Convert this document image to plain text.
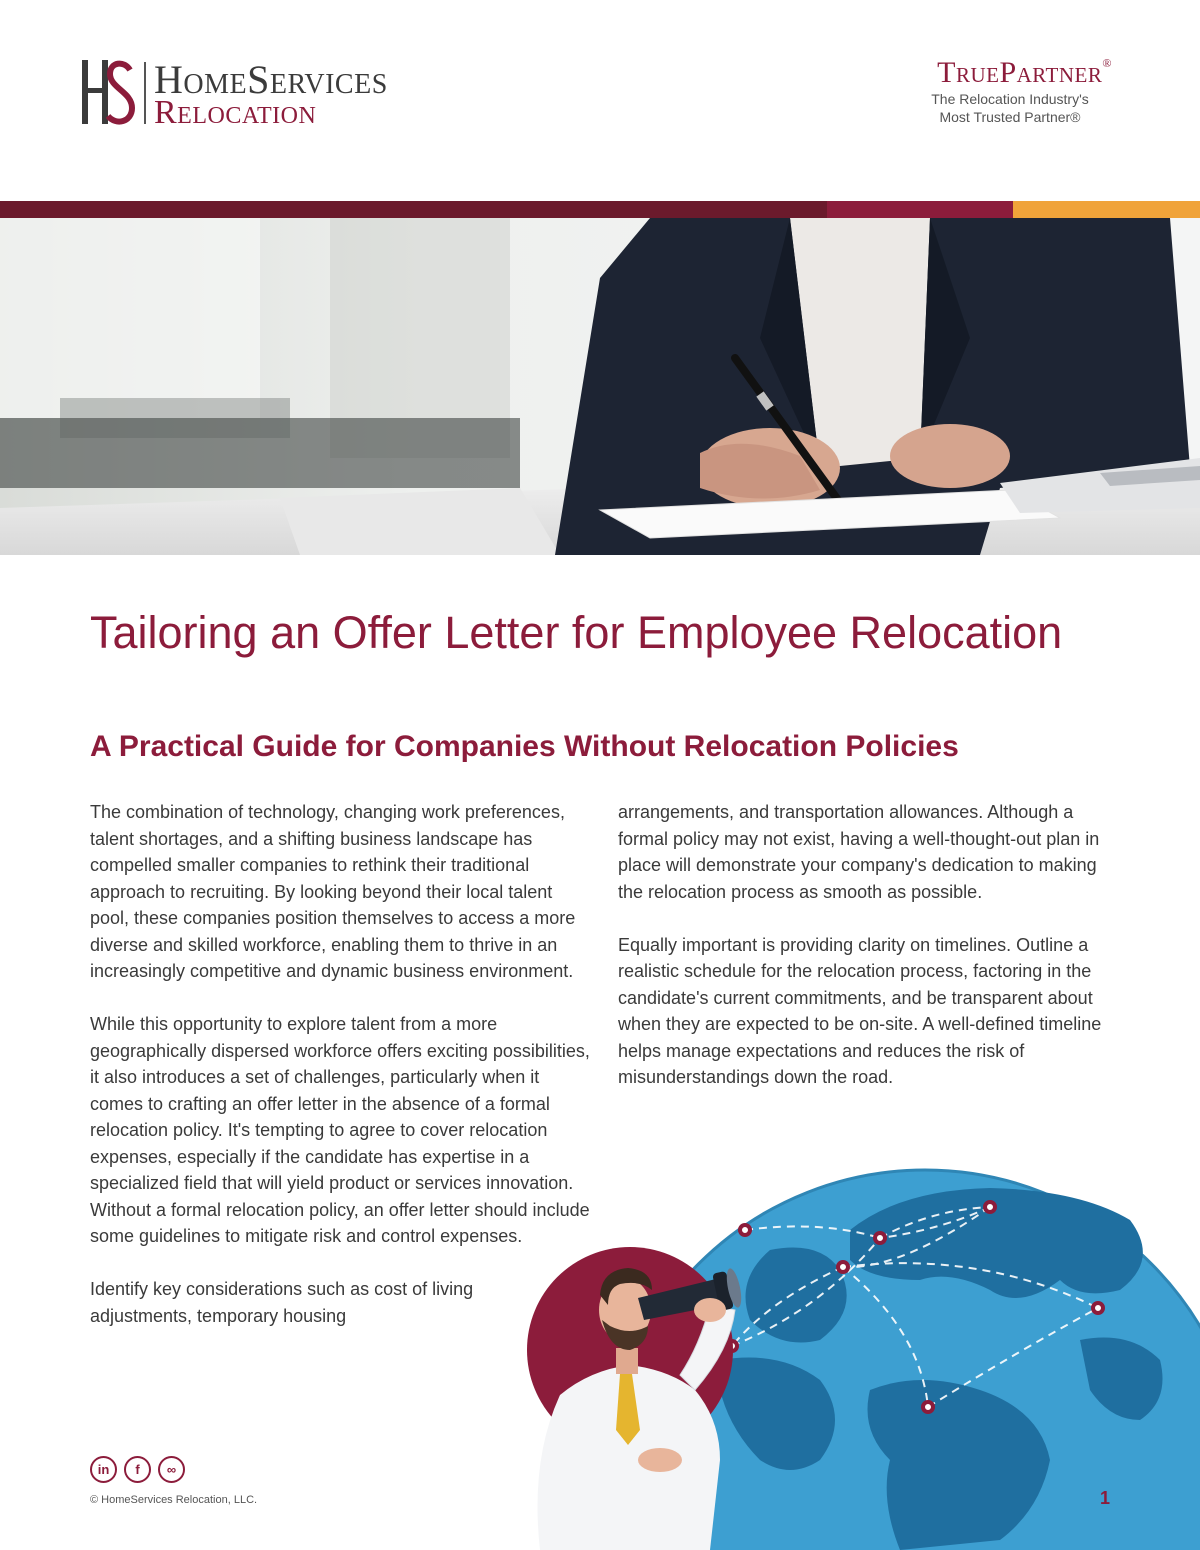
HomeServices
Relocation
TruePartner®
The Relocation Industry's
Most Trusted Partner®
Tailoring an Offer Letter for Employee Relocation
A Practical Guide for Companies Without Relocation Policies

The combination of technology, changing work preferences, talent shortages, and a shifting business landscape has compelled smaller companies to rethink their traditional approach to recruiting. By looking beyond their local talent pool, these companies position themselves to access a more diverse and skilled workforce, enabling them to thrive in an increasingly competitive and dynamic business environment.

While this opportunity to explore talent from a more geographically dispersed workforce offers exciting possibilities, it also introduces a set of challenges, particularly when it comes to crafting an offer letter in the absence of a formal relocation policy. It's tempting to agree to cover relocation expenses, especially if the candidate has expertise in a specialized field that will yield product or services innovation. Without a formal relocation policy, an offer letter should include some guidelines to mitigate risk and control expenses.

Identify key considerations such as cost of living adjustments, temporary housing

arrangements, and transportation allowances. Although a formal policy may not exist, having a well-thought-out plan in place will demonstrate your company's dedication to making the relocation process as smooth as possible.

Equally important is providing clarity on timelines. Outline a realistic schedule for the relocation process, factoring in the candidate's current commitments, and be transparent about when they are expected to be on-site. A well-defined timeline helps manage expectations and reduces the risk of misunderstandings down the road.

in	f	∞
© HomeServices Relocation, LLC.	1
